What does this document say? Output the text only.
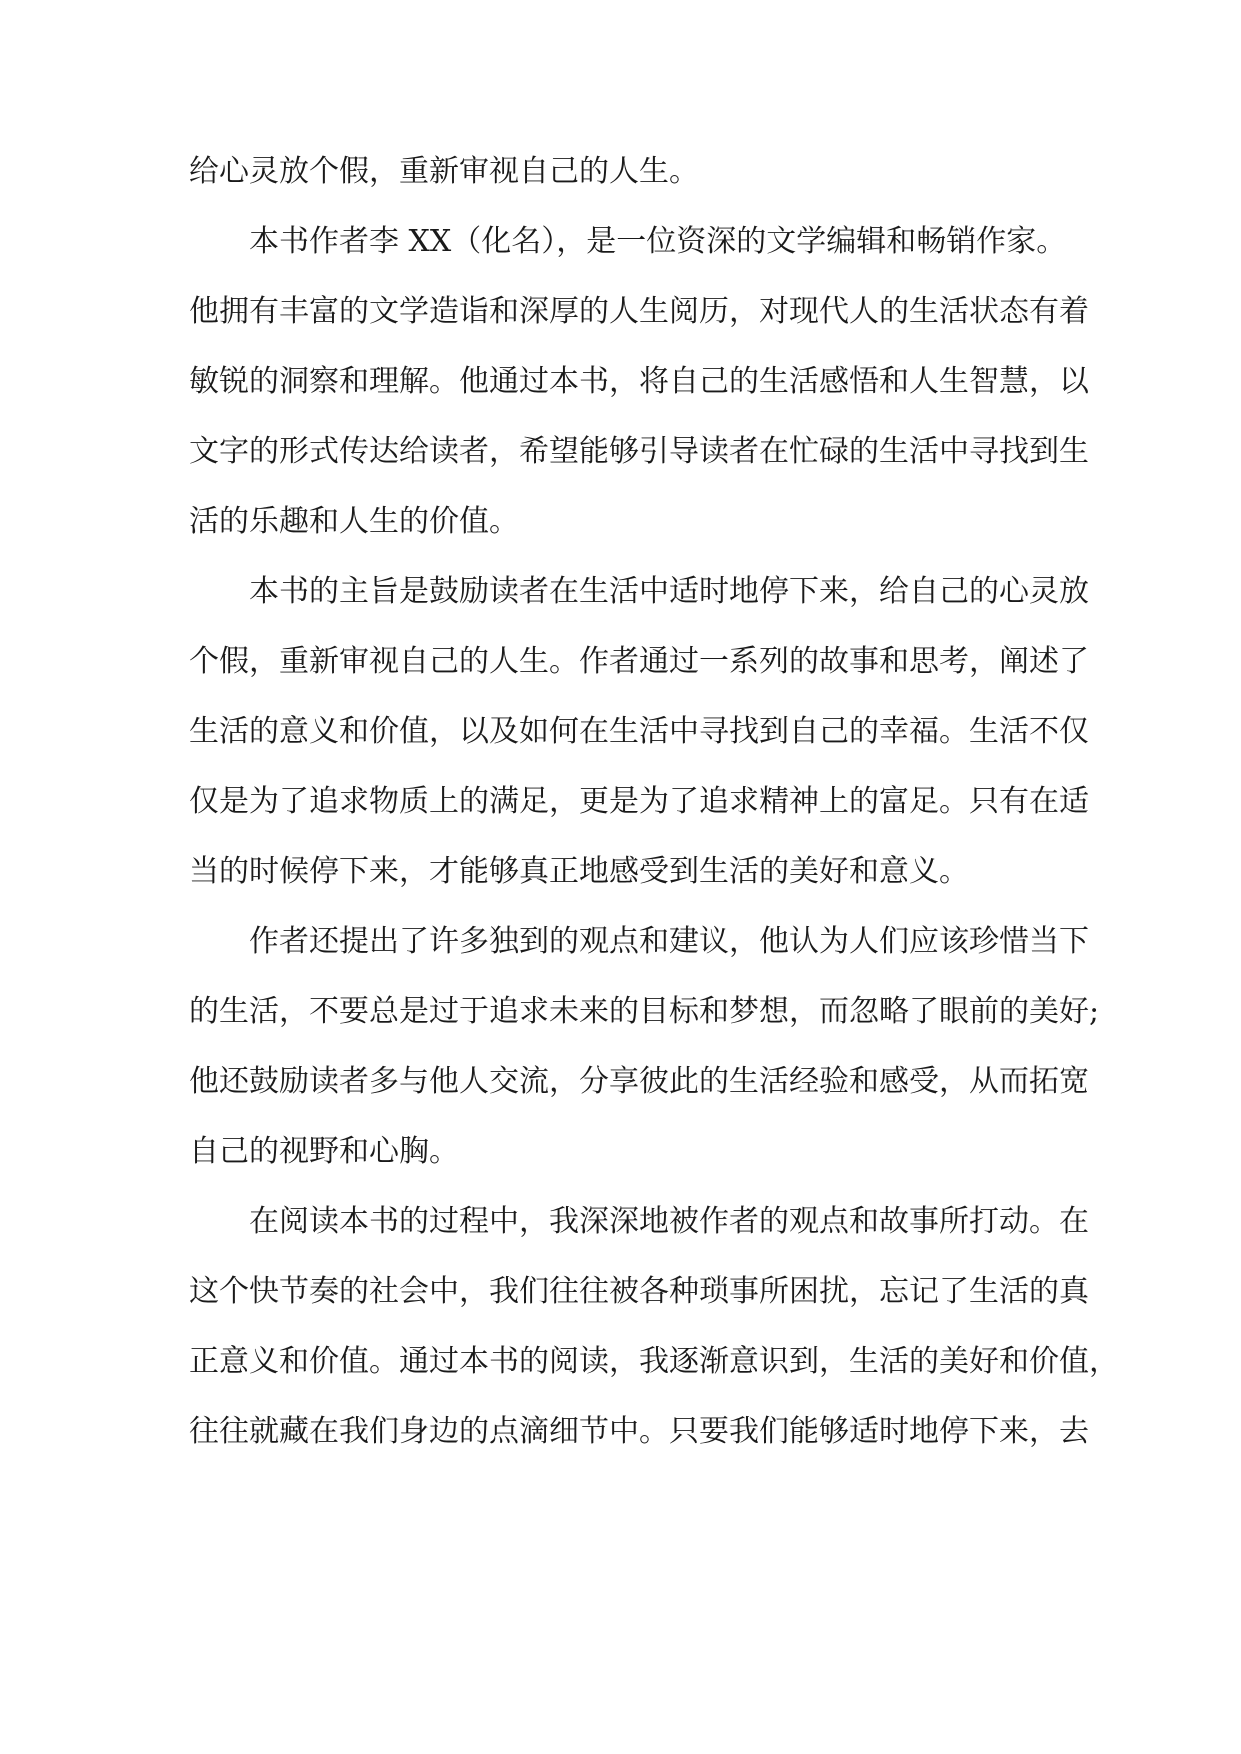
给心灵放个假，重新审视自己的人生。
本书作者李 XX（化名），是一位资深的文学编辑和畅销作家。
他拥有丰富的文学造诣和深厚的人生阅历，对现代人的生活状态有着
敏锐的洞察和理解。他通过本书，将自己的生活感悟和人生智慧，以
文字的形式传达给读者，希望能够引导读者在忙碌的生活中寻找到生
活的乐趣和人生的价值。
本书的主旨是鼓励读者在生活中适时地停下来，给自己的心灵放
个假，重新审视自己的人生。作者通过一系列的故事和思考，阐述了
生活的意义和价值，以及如何在生活中寻找到自己的幸福。生活不仅
仅是为了追求物质上的满足，更是为了追求精神上的富足。只有在适
当的时候停下来，才能够真正地感受到生活的美好和意义。
作者还提出了许多独到的观点和建议，他认为人们应该珍惜当下
的生活，不要总是过于追求未来的目标和梦想，而忽略了眼前的美好;
他还鼓励读者多与他人交流，分享彼此的生活经验和感受，从而拓宽
自己的视野和心胸。
在阅读本书的过程中，我深深地被作者的观点和故事所打动。在
这个快节奏的社会中，我们往往被各种琐事所困扰，忘记了生活的真
正意义和价值。通过本书的阅读，我逐渐意识到，生活的美好和价值，
往往就藏在我们身边的点滴细节中。只要我们能够适时地停下来，去
